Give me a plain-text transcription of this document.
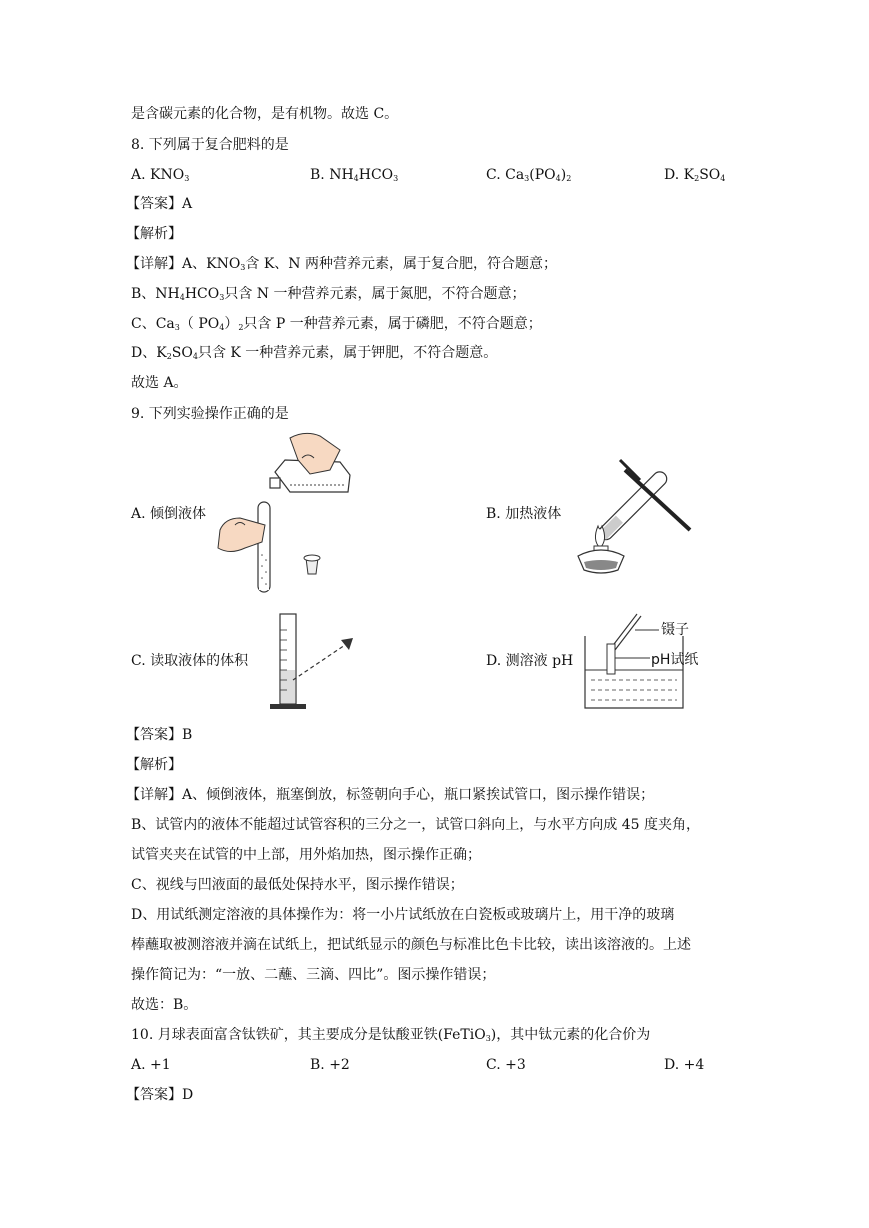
是含碳元素的化合物，是有机物。故选 C。
8. 下列属于复合肥料的是
A. $KNO_3$	B. $NH_4HCO_3$	C. $Ca_3(PO_4)_2$	D. $K_2SO_4$
【答案】A
【解析】
【详解】A、$KNO_3$含 K、N 两种营养元素，属于复合肥，符合题意；
B、$NH_4HCO_3$只含 N 一种营养元素，属于氮肥，不符合题意；
C、$Ca_3$（ $PO_4)_2$只含 P 一种营养元素，属于磷肥，不符合题意；
D、$K_2SO_4$只含 K 一种营养元素，属于钾肥，不符合题意。
故选 A。
9. 下列实验操作正确的是
A. 倾倒液体	B. 加热液体
C. 读取液体的体积	D. 测溶液 pH
镊子
pH试纸
【答案】B
【解析】
【详解】A、倾倒液体，瓶塞倒放，标签朝向手心，瓶口紧挨试管口，图示操作错误；
B、试管内的液体不能超过试管容积的三分之一，试管口斜向上，与水平方向成 45 度夹角，
试管夹夹在试管的中上部，用外焰加热，图示操作正确；
C、视线与凹液面的最低处保持水平，图示操作错误；
D、用试纸测定溶液的具体操作为：将一小片试纸放在白瓷板或玻璃片上，用干净的玻璃
棒蘸取被测溶液并滴在试纸上，把试纸显示的颜色与标准比色卡比较，读出该溶液的。上述
操作简记为：“一放、二蘸、三滴、四比”。图示操作错误；
故选：B。
10. 月球表面富含钛铁矿，其主要成分是钛酸亚铁(FeTiO$_3$)，其中钛元素的化合价为
A. +1	B. +2	C. +3	D. +4
【答案】D
